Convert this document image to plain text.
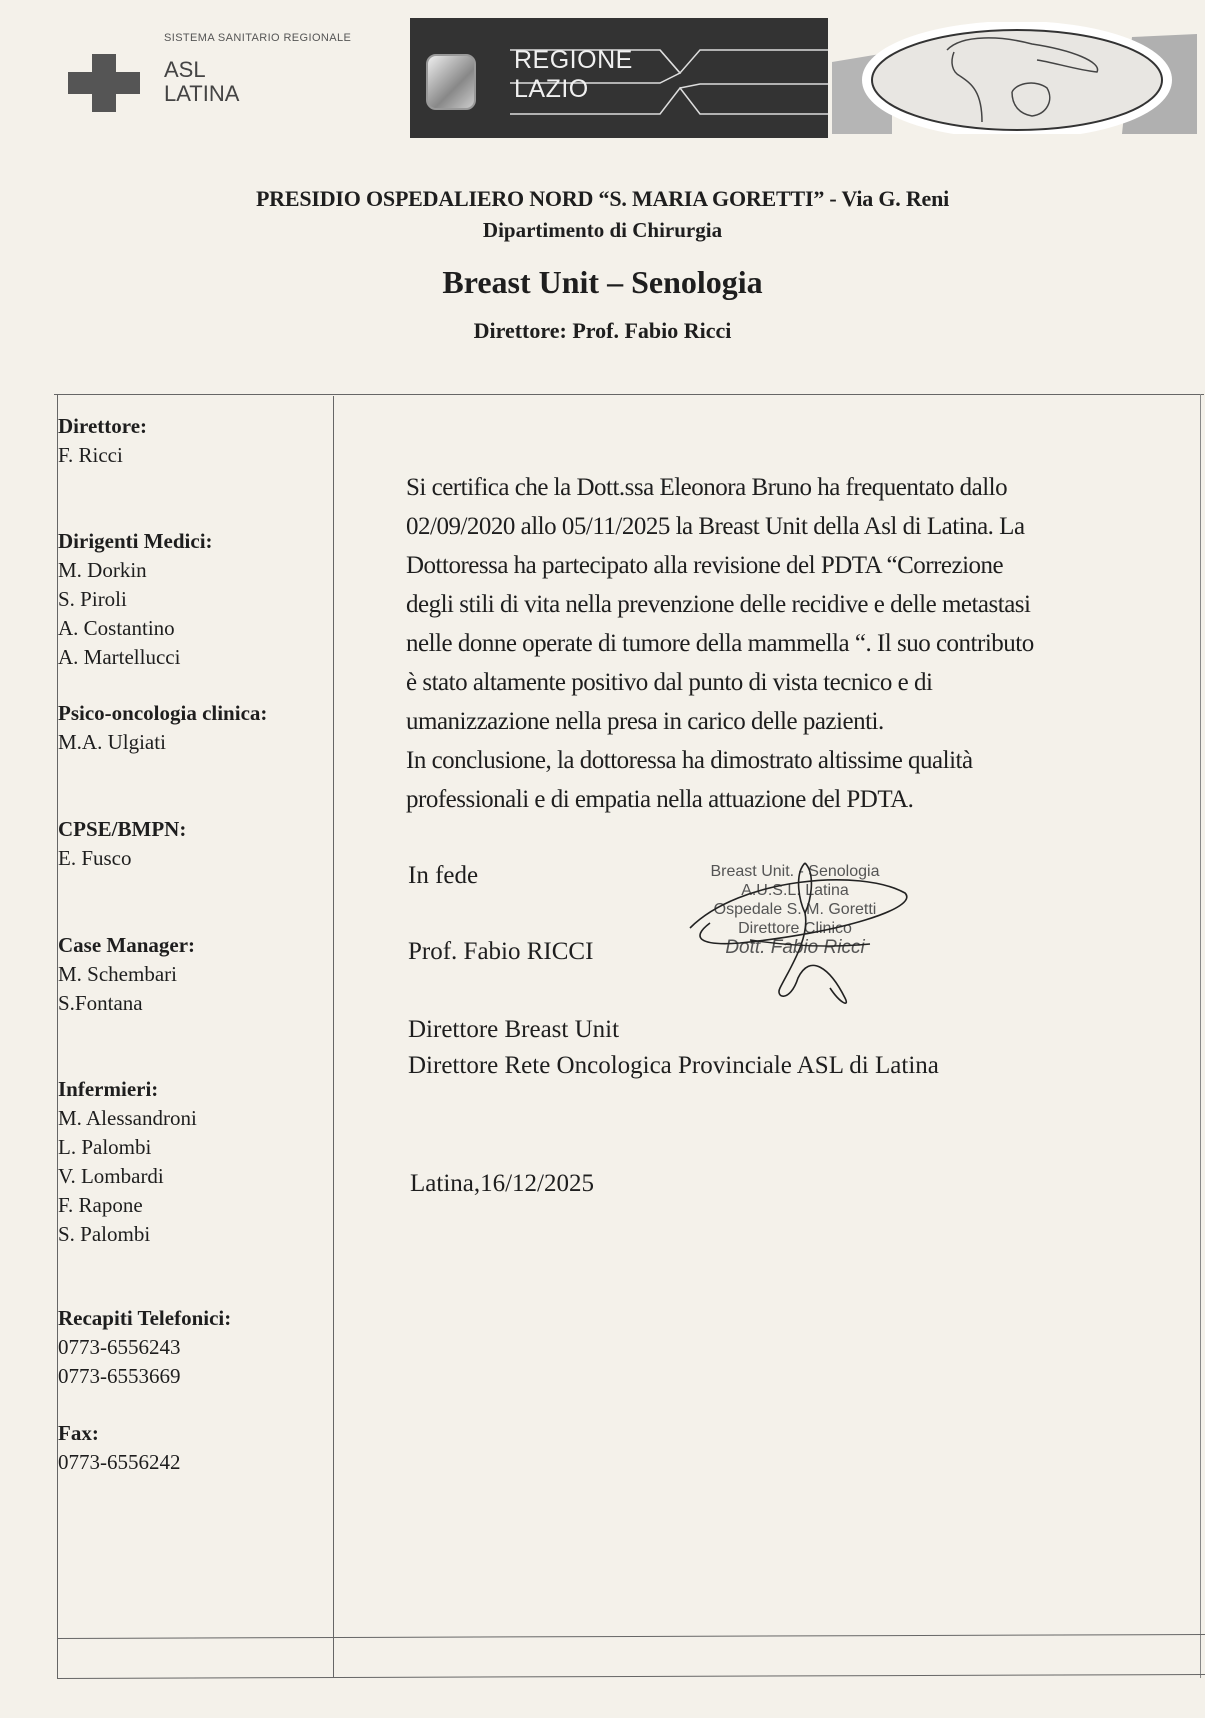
SISTEMA SANITARIO REGIONALE
ASL
LATINA
REGIONE
LAZIO
PRESIDIO OSPEDALIERO NORD “S. MARIA GORETTI” - Via G. Reni
Dipartimento di Chirurgia
Breast Unit – Senologia
Direttore: Prof. Fabio Ricci
Direttore:
F. Ricci
Dirigenti Medici:
M. Dorkin
S. Piroli
A. Costantino
A. Martellucci
Psico-oncologia clinica:
M.A. Ulgiati
CPSE/BMPN:
E. Fusco
Case Manager:
M. Schembari
S.Fontana
Infermieri:
M. Alessandroni
L. Palombi
V. Lombardi
F. Rapone
S. Palombi
Recapiti Telefonici:
0773-6556243
0773-6553669
Fax:
0773-6556242
Si certifica che la Dott.ssa Eleonora Bruno ha frequentato dallo
02/09/2020 allo 05/11/2025 la Breast Unit della Asl di Latina. La
Dottoressa ha partecipato alla revisione del PDTA “Correzione
degli stili di vita nella prevenzione delle recidive e delle metastasi
nelle donne operate di tumore della mammella “. Il suo contributo
è stato altamente positivo dal punto di vista tecnico e di
umanizzazione nella presa in carico delle pazienti.
In conclusione, la dottoressa ha dimostrato altissime qualità
professionali e di empatia nella attuazione del PDTA.
In fede
Prof. Fabio RICCI
Breast Unit. - Senologia
A.U.S.L. Latina
Ospedale S. M. Goretti
Direttore Clinico
Dott. Fabio Ricci
Direttore Breast Unit
Direttore Rete Oncologica Provinciale ASL di Latina
Latina,16/12/2025
